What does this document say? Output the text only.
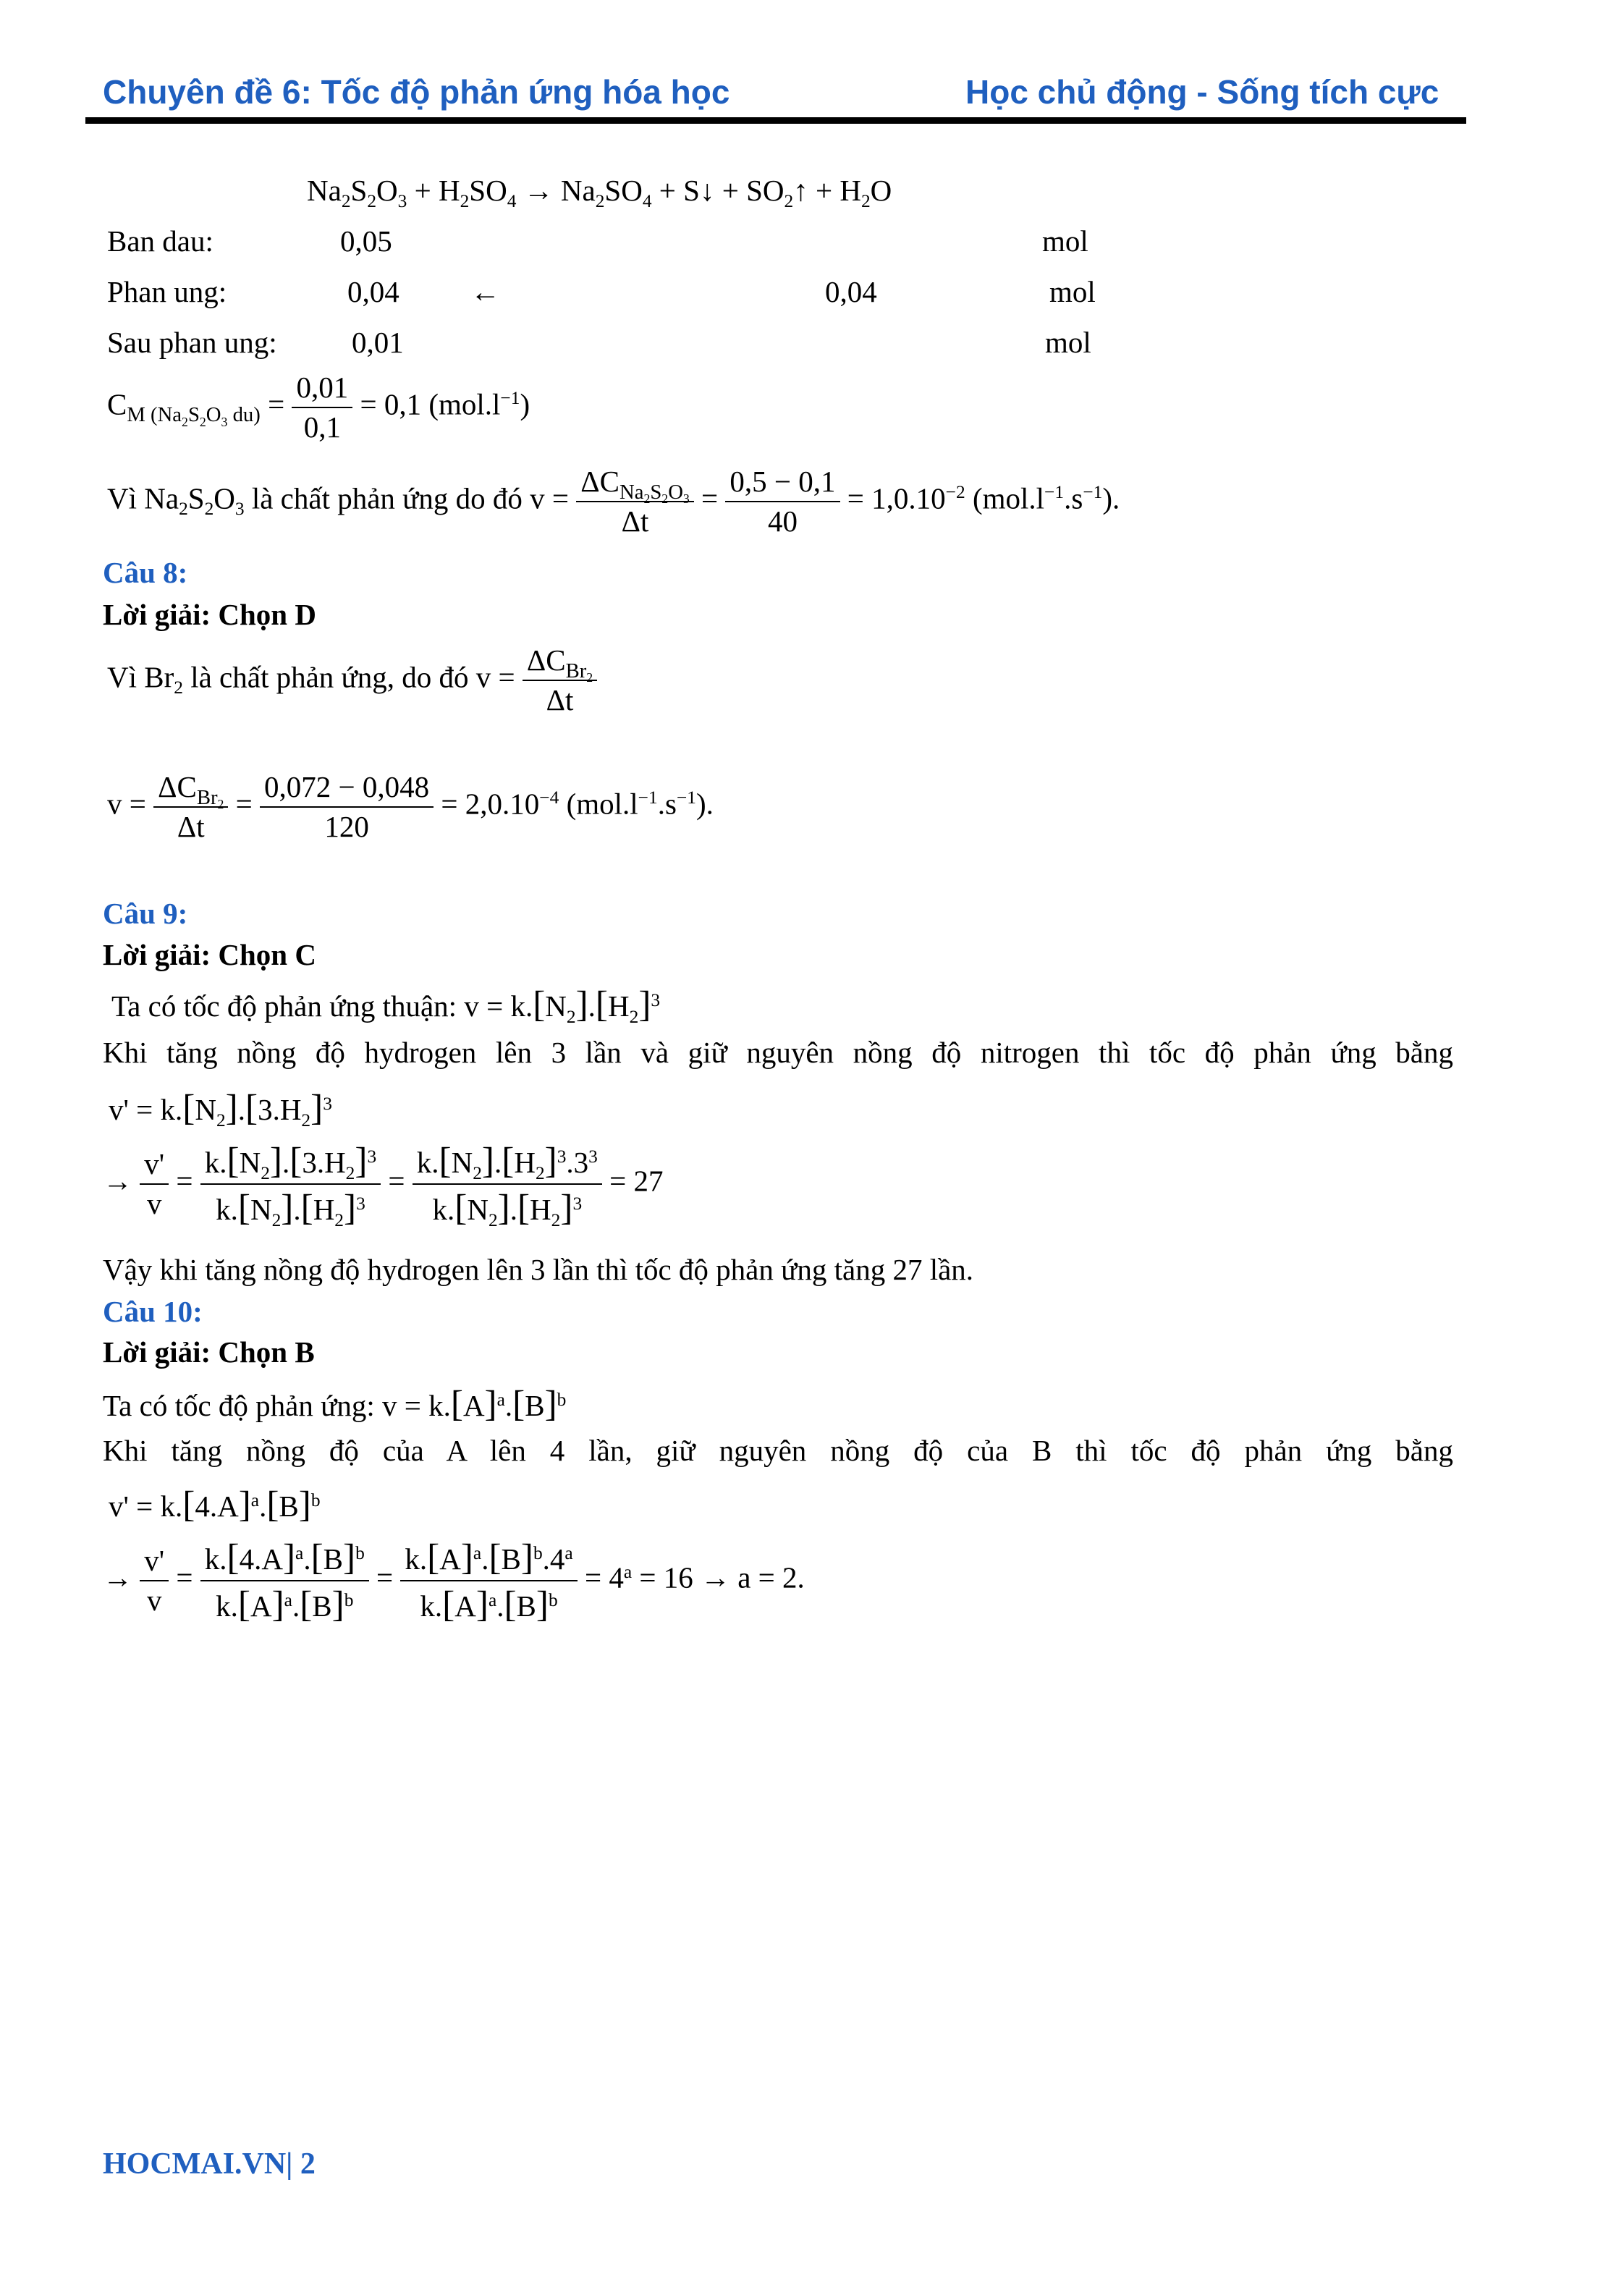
Chuyên đề 6: Tốc độ phản ứng hóa học	Học chủ động - Sống tích cực
$Na_2S_2O_3 + H_2SO_4 \to Na_2SO_4$ + S↓ + $SO_2↑ + H_2O$
Ban dau:	0,05	mol
Phan ung:	0,04 ←	0,04	mol
Sau phan ung:	0,01	mol
$C_{M (Na_2S_2O_3 du)} = \frac{0,01}{0,1} = 0,1$ $(mol.l^{-1})$
Vì $Na_2S_2O_3$ là chất phản ứng do đó $v = \frac{\Delta C_{Na_2S_2O_3}}{\Delta t} = \frac{0,5 - 0,1}{40} = 1,0.10^{-2}$ $(mol.l^{-1}.s^{-1})$.
Câu 8:
Lời giải: Chọn D
Vì $Br_2$ là chất phản ứng, do đó $v = \frac{\Delta C_{Br_2}}{\Delta t}$
$v = \frac{\Delta C_{Br_2}}{\Delta t} = \frac{0,072 - 0,048}{120} = 2,0.10^{-4}$ $(mol.l^{-1}.s^{-1})$.
Câu 9:
Lời giải: Chọn C
Ta có tốc độ phản ứng thuận: $v = k.[N_2].[H_2]^3$
Khi tăng nồng độ hydrogen lên 3 lần và giữ nguyên nồng độ nitrogen thì tốc độ phản ứng bằng
$v' = k.[N_2].[3.H_2]^3$
→ $\frac{v'}{v} = \frac{k.[N_2].[3.H_2]^3}{k.[N_2].[H_2]^3} = \frac{k.[N_2].[H_2]^3.3^3}{k.[N_2].[H_2]^3} = 27$
Vậy khi tăng nồng độ hydrogen lên 3 lần thì tốc độ phản ứng tăng 27 lần.
Câu 10:
Lời giải: Chọn B
Ta có tốc độ phản ứng: $v = k.[A]^a.[B]^b$
Khi tăng nồng độ của A lên 4 lần, giữ nguyên nồng độ của B thì tốc độ phản ứng bằng
$v' = k.[4.A]^a.[B]^b$
→ $\frac{v'}{v} = \frac{k.[4.A]^a.[B]^b}{k.[A]^a.[B]^b} = \frac{k.[A]^a.[B]^b.4^a}{k.[A]^a.[B]^b} = 4^a = 16 \to a = 2$.
HOCMAI.VN| 2
